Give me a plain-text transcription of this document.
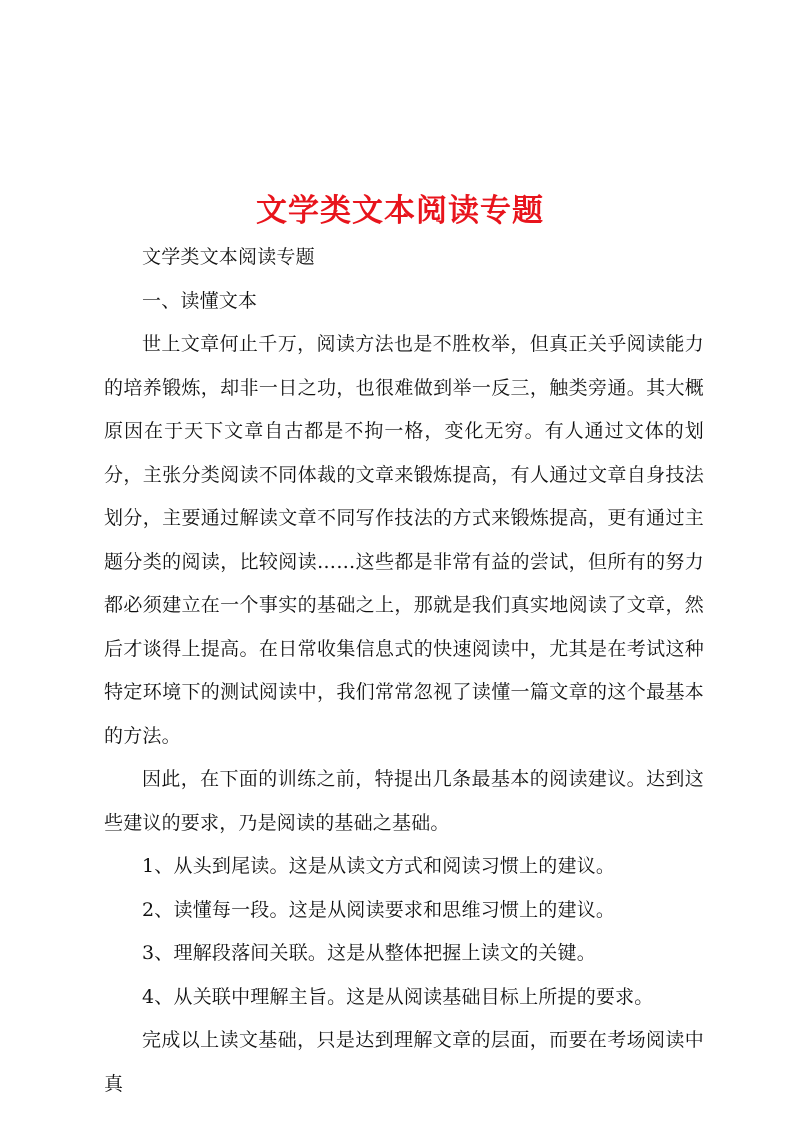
文学类文本阅读专题

文学类文本阅读专题

一、读懂文本

世上文章何止千万，阅读方法也是不胜枚举，但真正关乎阅读能力的培养锻炼，却非一日之功，也很难做到举一反三，触类旁通。其大概原因在于天下文章自古都是不拘一格，变化无穷。有人通过文体的划分，主张分类阅读不同体裁的文章来锻炼提高，有人通过文章自身技法划分，主要通过解读文章不同写作技法的方式来锻炼提高，更有通过主题分类的阅读，比较阅读……这些都是非常有益的尝试，但所有的努力都必须建立在一个事实的基础之上，那就是我们真实地阅读了文章，然后才谈得上提高。在日常收集信息式的快速阅读中，尤其是在考试这种特定环境下的测试阅读中，我们常常忽视了读懂一篇文章的这个最基本的方法。

因此，在下面的训练之前，特提出几条最基本的阅读建议。达到这些建议的要求，乃是阅读的基础之基础。

1、从头到尾读。这是从读文方式和阅读习惯上的建议。

2、读懂每一段。这是从阅读要求和思维习惯上的建议。

3、理解段落间关联。这是从整体把握上读文的关键。

4、从关联中理解主旨。这是从阅读基础目标上所提的要求。

完成以上读文基础，只是达到理解文章的层面，而要在考场阅读中真
